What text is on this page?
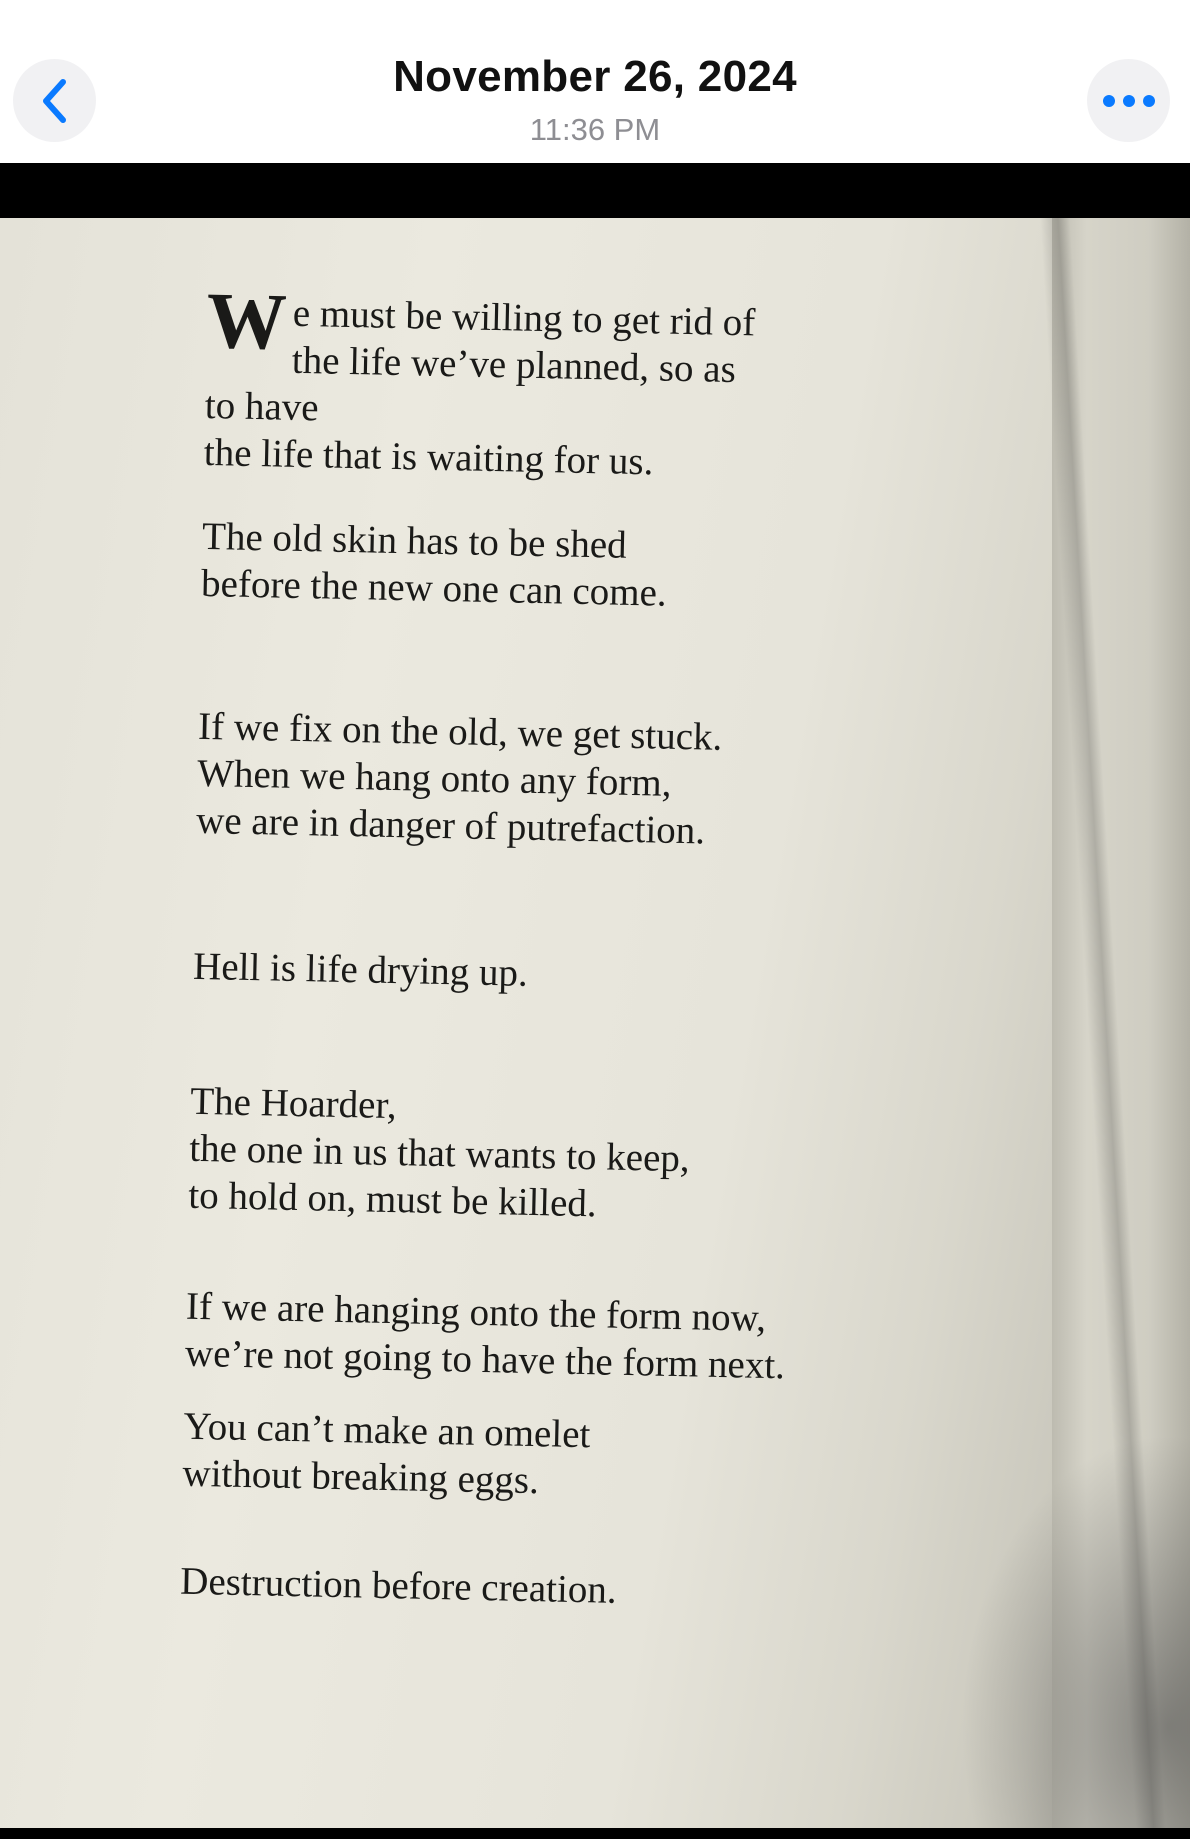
November 26, 2024
11:36 PM

We must be willing to get rid of
the life we’ve planned, so as to have
the life that is waiting for us.

The old skin has to be shed
before the new one can come.

If we fix on the old, we get stuck.
When we hang onto any form,
we are in danger of putrefaction.

Hell is life drying up.

The Hoarder,
the one in us that wants to keep,
to hold on, must be killed.

If we are hanging onto the form now,
we’re not going to have the form next.

You can’t make an omelet
without breaking eggs.

Destruction before creation.
